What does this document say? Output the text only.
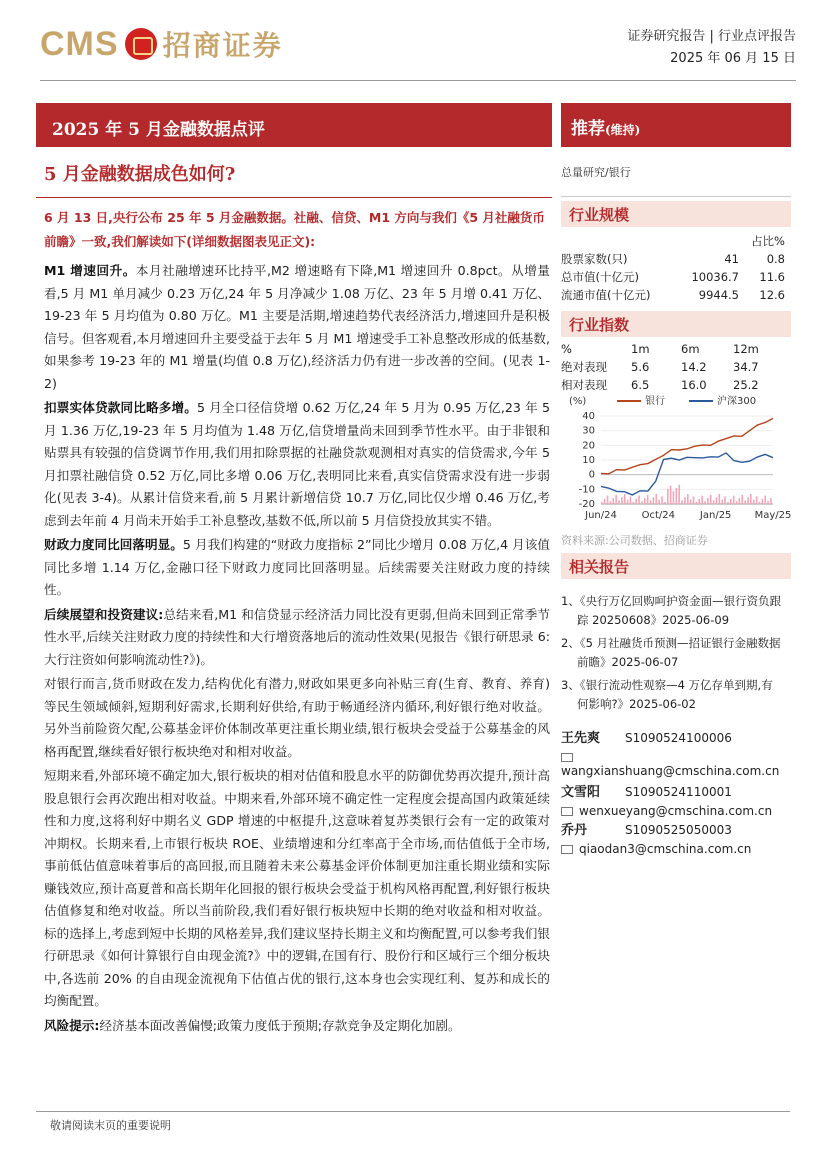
CMS 招商证券	证券研究报告 | 行业点评报告
2025 年 06 月 15 日
2025 年 5 月金融数据点评
5 月金融数据成色如何?
6 月 13 日,央行公布 25 年 5 月金融数据。社融、信贷、M1 方向与我们《5 月社融货币前瞻》一致,我们解读如下(详细数据图表见正文):

M1 增速回升。本月社融增速环比持平,M2 增速略有下降,M1 增速回升 0.8pct。从增量看,5 月 M1 单月减少 0.23 万亿,24 年 5 月净减少 1.08 万亿、23 年 5 月增 0.41 万亿、19-23 年 5 月均值为 0.80 万亿。M1 主要是活期,增速趋势代表经济活力,增速回升是积极信号。但客观看,本月增速回升主要受益于去年 5 月 M1 增速受手工补息整改形成的低基数,如果参考 19-23 年的 M1 增量(均值 0.8 万亿),经济活力仍有进一步改善的空间。(见表 1-2)

扣票实体贷款同比略多增。5 月全口径信贷增 0.62 万亿,24 年 5 月为 0.95 万亿,23 年 5 月 1.36 万亿,19-23 年 5 月均值为 1.48 万亿,信贷增量尚未回到季节性水平。由于非银和贴票具有较强的信贷调节作用,我们用扣除票据的社融贷款观测相对真实的信贷需求,今年 5 月扣票社融信贷 0.52 万亿,同比多增 0.06 万亿,表明同比来看,真实信贷需求没有进一步弱化(见表 3-4)。从累计信贷来看,前 5 月累计新增信贷 10.7 万亿,同比仅少增 0.46 万亿,考虑到去年前 4 月尚未开始手工补息整改,基数不低,所以前 5 月信贷投放其实不错。

财政力度同比回落明显。5 月我们构建的“财政力度指标 2”同比少增月 0.08 万亿,4 月该值同比多增 1.14 万亿,金融口径下财政力度同比回落明显。后续需要关注财政力度的持续性。

后续展望和投资建议:总结来看,M1 和信贷显示经济活力同比没有更弱,但尚未回到正常季节性水平,后续关注财政力度的持续性和大行增资落地后的流动性效果(见报告《银行研思录 6: 大行注资如何影响流动性?》)。

对银行而言,货币财政在发力,结构优化有潜力,财政如果更多向补贴三育(生育、教育、养育)等民生领域倾斜,短期利好需求,长期利好供给,有助于畅通经济内循环,利好银行绝对收益。另外当前险资欠配,公募基金评价体制改革更注重长期业绩,银行板块会受益于公募基金的风格再配置,继续看好银行板块绝对和相对收益。

短期来看,外部环境不确定加大,银行板块的相对估值和股息水平的防御优势再次提升,预计高股息银行会再次跑出相对收益。中期来看,外部环境不确定性一定程度会提高国内政策延续性和力度,这将利好中期名义 GDP 增速的中枢提升,这意味着复苏类银行会有一定的政策对冲期权。长期来看,上市银行板块 ROE、业绩增速和分红率高于全市场,而估值低于全市场,事前低估值意味着事后的高回报,而且随着未来公募基金评价体制更加注重长期业绩和实际赚钱效应,预计高夏普和高长期年化回报的银行板块会受益于机构风格再配置,利好银行板块估值修复和绝对收益。所以当前阶段,我们看好银行板块短中长期的绝对收益和相对收益。标的选择上,考虑到短中长期的风格差异,我们建议坚持长期主义和均衡配置,可以参考我们银行研思录《如何计算银行自由现金流?》中的逻辑,在国有行、股份行和区域行三个细分板块中,各选前 20% 的自由现金流视角下估值占优的银行,这本身也会实现红利、复苏和成长的均衡配置。

风险提示:经济基本面改善偏慢;政策力度低于预期;存款竞争及定期化加剧。

推荐(维持)
总量研究/银行
行业规模
		占比%
股票家数(只)	41	0.8
总市值(十亿元)	10036.7	11.6
流通市值(十亿元)	9944.5	12.6
行业指数
%	1m	6m	12m
绝对表现	5.6	14.2	34.7
相对表现	6.5	16.0	25.2
(%)	银行	沪深300
40
30
20
10
0
-10
-20
Jun/24 Oct/24 Jan/25 May/25
资料来源:公司数据、招商证券
相关报告
1、《央行万亿回购呵护资金面—银行资负跟踪 20250608》2025-06-09
2、《5 月社融货币预测—招证银行金融数据前瞻》2025-06-07
3、《银行流动性观察—4 万亿存单到期,有何影响?》2025-06-02
王先爽 S1090524100006
wangxianshuang@cmschina.com.cn
文雪阳 S1090524110001
wenxueyang@cmschina.com.cn
乔丹	S1090525050003
qiaodan3@cmschina.com.cn
敬请阅读末页的重要说明
